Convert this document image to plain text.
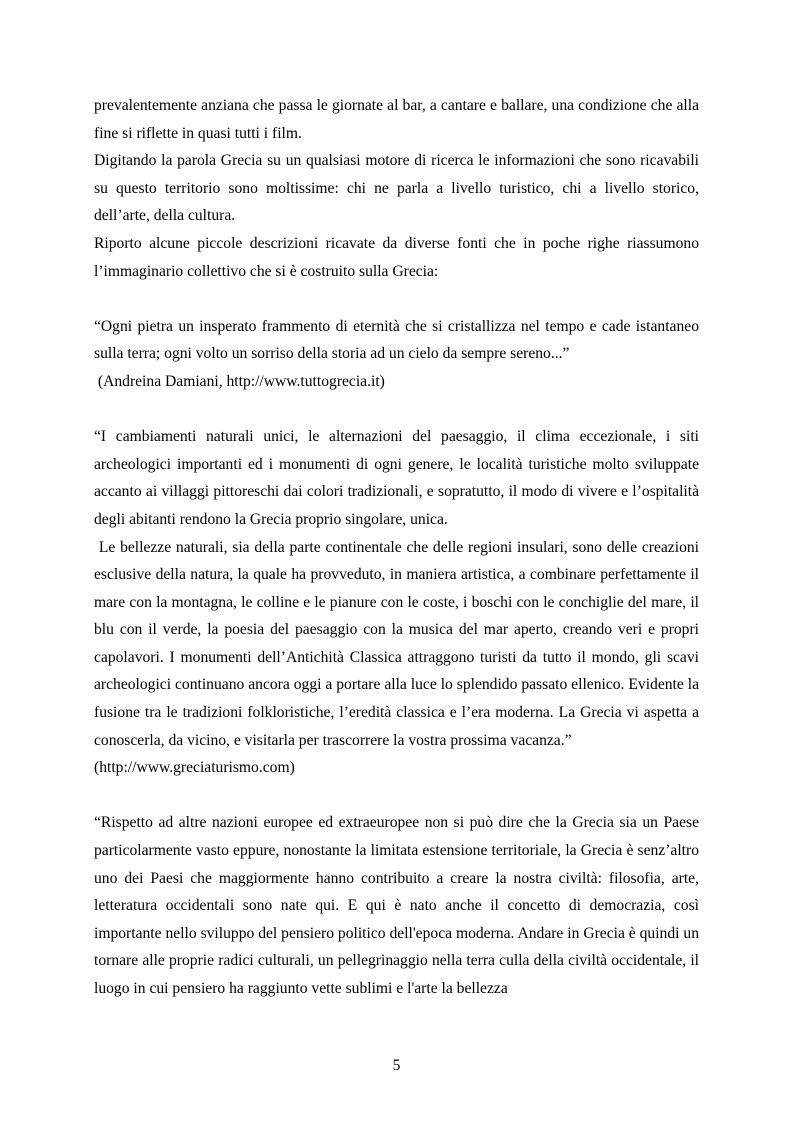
prevalentemente anziana che passa le giornate al bar, a cantare e ballare, una condizione che alla fine si riflette in quasi tutti i film.

Digitando la parola Grecia su un qualsiasi motore di ricerca le informazioni che sono ricavabili su questo territorio sono moltissime: chi ne parla a livello turistico, chi a livello storico, dell’arte, della cultura.

Riporto alcune piccole descrizioni ricavate da diverse fonti che in poche righe riassumono l’immaginario collettivo che si è costruito sulla Grecia:

“Ogni pietra un insperato frammento di eternità che si cristallizza nel tempo e cade istantaneo sulla terra; ogni volto un sorriso della storia ad un cielo da sempre sereno...”

(Andreina Damiani, http://www.tuttogrecia.it)

“I cambiamenti naturali unici, le alternazioni del paesaggio, il clima eccezionale, i siti archeologici importanti ed i monumenti di ogni genere, le località turistiche molto sviluppate accanto ai villaggi pittoreschi dai colori tradizionali, e sopratutto, il modo di vivere e l’ospitalità degli abitanti rendono la Grecia proprio singolare, unica.

Le bellezze naturali, sia della parte continentale che delle regioni insulari, sono delle creazioni esclusive della natura, la quale ha provveduto, in maniera artistica, a combinare perfettamente il mare con la montagna, le colline e le pianure con le coste, i boschi con le conchiglie del mare, il blu con il verde, la poesia del paesaggio con la musica del mar aperto, creando veri e propri capolavori. I monumenti dell’Antichità Classica attraggono turisti da tutto il mondo, gli scavi archeologici continuano ancora oggi a portare alla luce lo splendido passato ellenico. Evidente la fusione tra le tradizioni folkloristiche, l’eredità classica e l’era moderna. La Grecia vi aspetta a conoscerla, da vicino, e visitarla per trascorrere la vostra prossima vacanza.”

(http://www.greciaturismo.com)

“Rispetto ad altre nazioni europee ed extraeuropee non si può dire che la Grecia sia un Paese particolarmente vasto eppure, nonostante la limitata estensione territoriale, la Grecia è senz’altro uno dei Paesi che maggiormente hanno contribuito a creare la nostra civiltà: filosofia, arte, letteratura occidentali sono nate qui. E qui è nato anche il concetto di democrazia, così importante nello sviluppo del pensiero politico dell'epoca moderna. Andare in Grecia è quindi un tornare alle proprie radici culturali, un pellegrinaggio nella terra culla della civiltà occidentale, il luogo in cui pensiero ha raggiunto vette sublimi e l'arte la bellezza

5
